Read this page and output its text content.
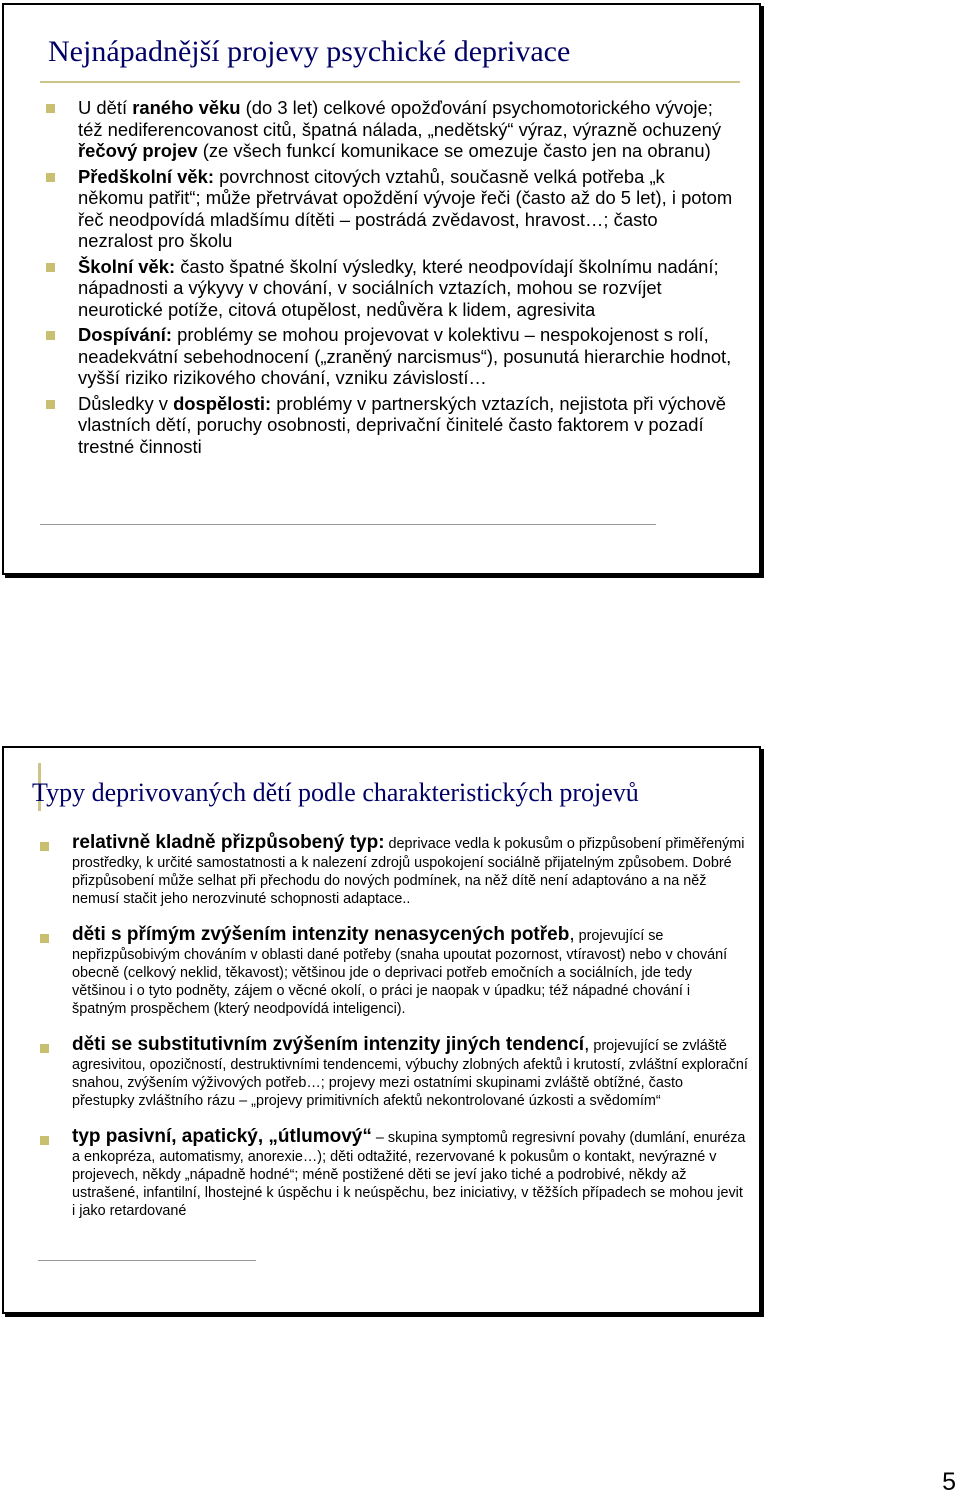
Nejnápadnější projevy psychické deprivace
U dětí raného věku (do 3 let) celkové opožďování psychomotorického vývoje; též nediferencovanost citů, špatná nálada, „nedětský“ výraz, výrazně ochuzený řečový projev (ze všech funkcí komunikace se omezuje často jen na obranu)
Předškolní věk: povrchnost citových vztahů, současně velká potřeba „k někomu patřit“; může přetrvávat opoždění vývoje řeči (často až do 5 let), i potom řeč neodpovídá mladšímu dítěti – postrádá zvědavost, hravost…; často nezralost pro školu
Školní věk: často špatné školní výsledky, které neodpovídají školnímu nadání; nápadnosti a výkyvy v chování, v sociálních vztazích, mohou se rozvíjet neurotické potíže, citová otupělost, nedůvěra k lidem, agresivita
Dospívání: problémy se mohou projevovat v kolektivu – nespokojenost s rolí, neadekvátní sebehodnocení („zraněný narcismus“), posunutá hierarchie hodnot, vyšší riziko rizikového chování, vzniku závislostí…
Důsledky v dospělosti: problémy v partnerských vztazích, nejistota při výchově vlastních dětí, poruchy osobnosti, deprivační činitelé často faktorem v pozadí trestné činnosti
Typy deprivovaných dětí podle charakteristických projevů
relativně kladně přizpůsobený typ: deprivace vedla k pokusům o přizpůsobení přiměřenými prostředky, k určité samostatnosti a k nalezení zdrojů uspokojení sociálně přijatelným způsobem. Dobré přizpůsobení může selhat při přechodu do nových podmínek, na něž dítě není adaptováno a na něž nemusí stačit jeho nerozvinuté schopnosti adaptace..
děti s přímým zvýšením intenzity nenasycených potřeb, projevující se nepřizpůsobivým chováním v oblasti dané potřeby (snaha upoutat pozornost, vtíravost) nebo v chování obecně (celkový neklid, těkavost); většinou jde o deprivaci potřeb emočních a sociálních, jde tedy většinou i o tyto podněty, zájem o věcné okolí, o práci je naopak v úpadku; též nápadné chování i špatným prospěchem (který neodpovídá inteligenci).
děti se substitutivním zvýšením intenzity jiných tendencí, projevující se zvláště agresivitou, opozičností, destruktivními tendencemi, výbuchy zlobných afektů i krutostí, zvláštní explorační snahou, zvýšením výživových potřeb…; projevy mezi ostatními skupinami zvláště obtížné, často přestupky zvláštního rázu – „projevy primitivních afektů nekontrolované úzkosti a svědomím“
typ pasivní, apatický, „útlumový“ – skupina symptomů regresivní povahy (dumlání, enuréza a enkopréza, automatismy, anorexie…); děti odtažité, rezervované k pokusům o kontakt, nevýrazné v projevech, někdy „nápadně hodné“; méně postižené děti se jeví jako tiché a podrobivé, někdy až ustrašené, infantilní, lhostejné k úspěchu i k neúspěchu, bez iniciativy, v těžších případech se mohou jevit i jako retardované
5
